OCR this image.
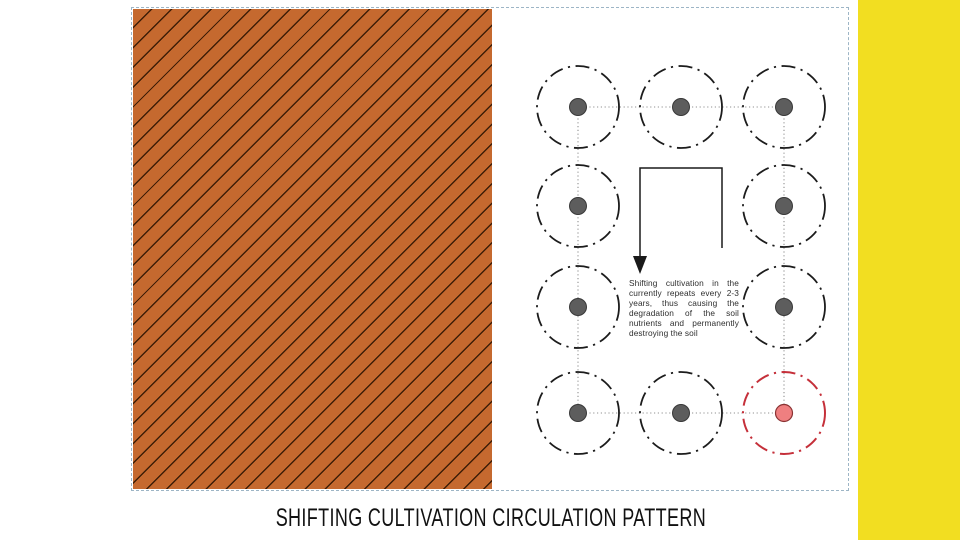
Shifting cultivation in the currently repeats every 2-3 years, thus causing the degradation of the soil nutrients and permanently destroying the soil
SHIFTING CULTIVATION CIRCULATION PATTERN
